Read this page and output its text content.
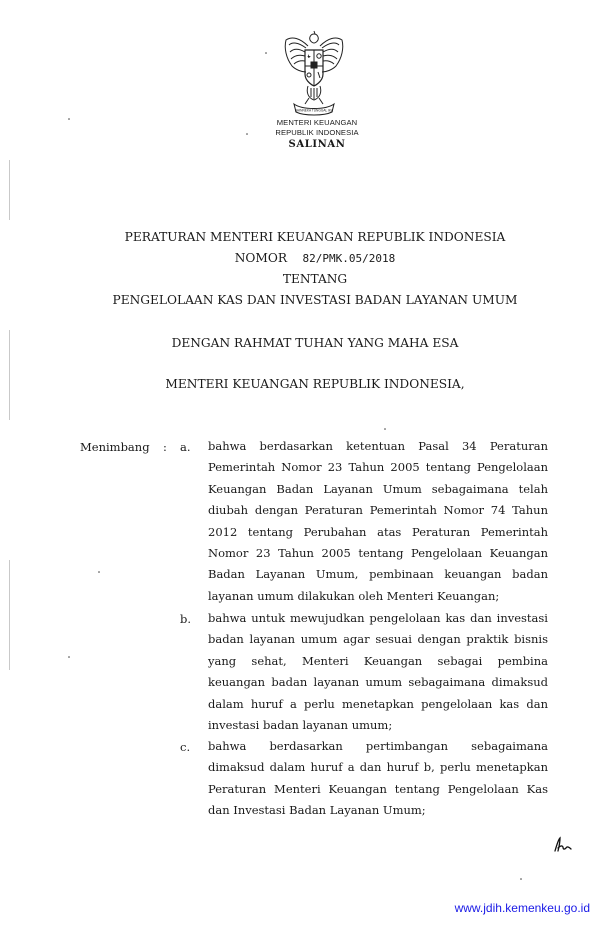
BHINNEKA TUNGGAL IKA
MENTERI KEUANGAN
REPUBLIK INDONESIA
SALINAN
PERATURAN MENTERI KEUANGAN REPUBLIK INDONESIA
NOMOR 82/PMK.05/2018
TENTANG
PENGELOLAAN KAS DAN INVESTASI BADAN LAYANAN UMUM
DENGAN RAHMAT TUHAN YANG MAHA ESA
MENTERI KEUANGAN REPUBLIK INDONESIA,
Menimbang : a. bahwa berdasarkan ketentuan Pasal 34 Peraturan Pemerintah Nomor 23 Tahun 2005 tentang Pengelolaan Keuangan Badan Layanan Umum sebagaimana telah diubah dengan Peraturan Pemerintah Nomor 74 Tahun 2012 tentang Perubahan atas Peraturan Pemerintah Nomor 23 Tahun 2005 tentang Pengelolaan Keuangan Badan Layanan Umum, pembinaan keuangan badan layanan umum dilakukan oleh Menteri Keuangan;
b. bahwa untuk mewujudkan pengelolaan kas dan investasi badan layanan umum agar sesuai dengan praktik bisnis yang sehat, Menteri Keuangan sebagai pembina keuangan badan layanan umum sebagaimana dimaksud dalam huruf a perlu menetapkan pengelolaan kas dan investasi badan layanan umum;
c. bahwa berdasarkan pertimbangan sebagaimana dimaksud dalam huruf a dan huruf b, perlu menetapkan Peraturan Menteri Keuangan tentang Pengelolaan Kas dan Investasi Badan Layanan Umum;
www.jdih.kemenkeu.go.id
